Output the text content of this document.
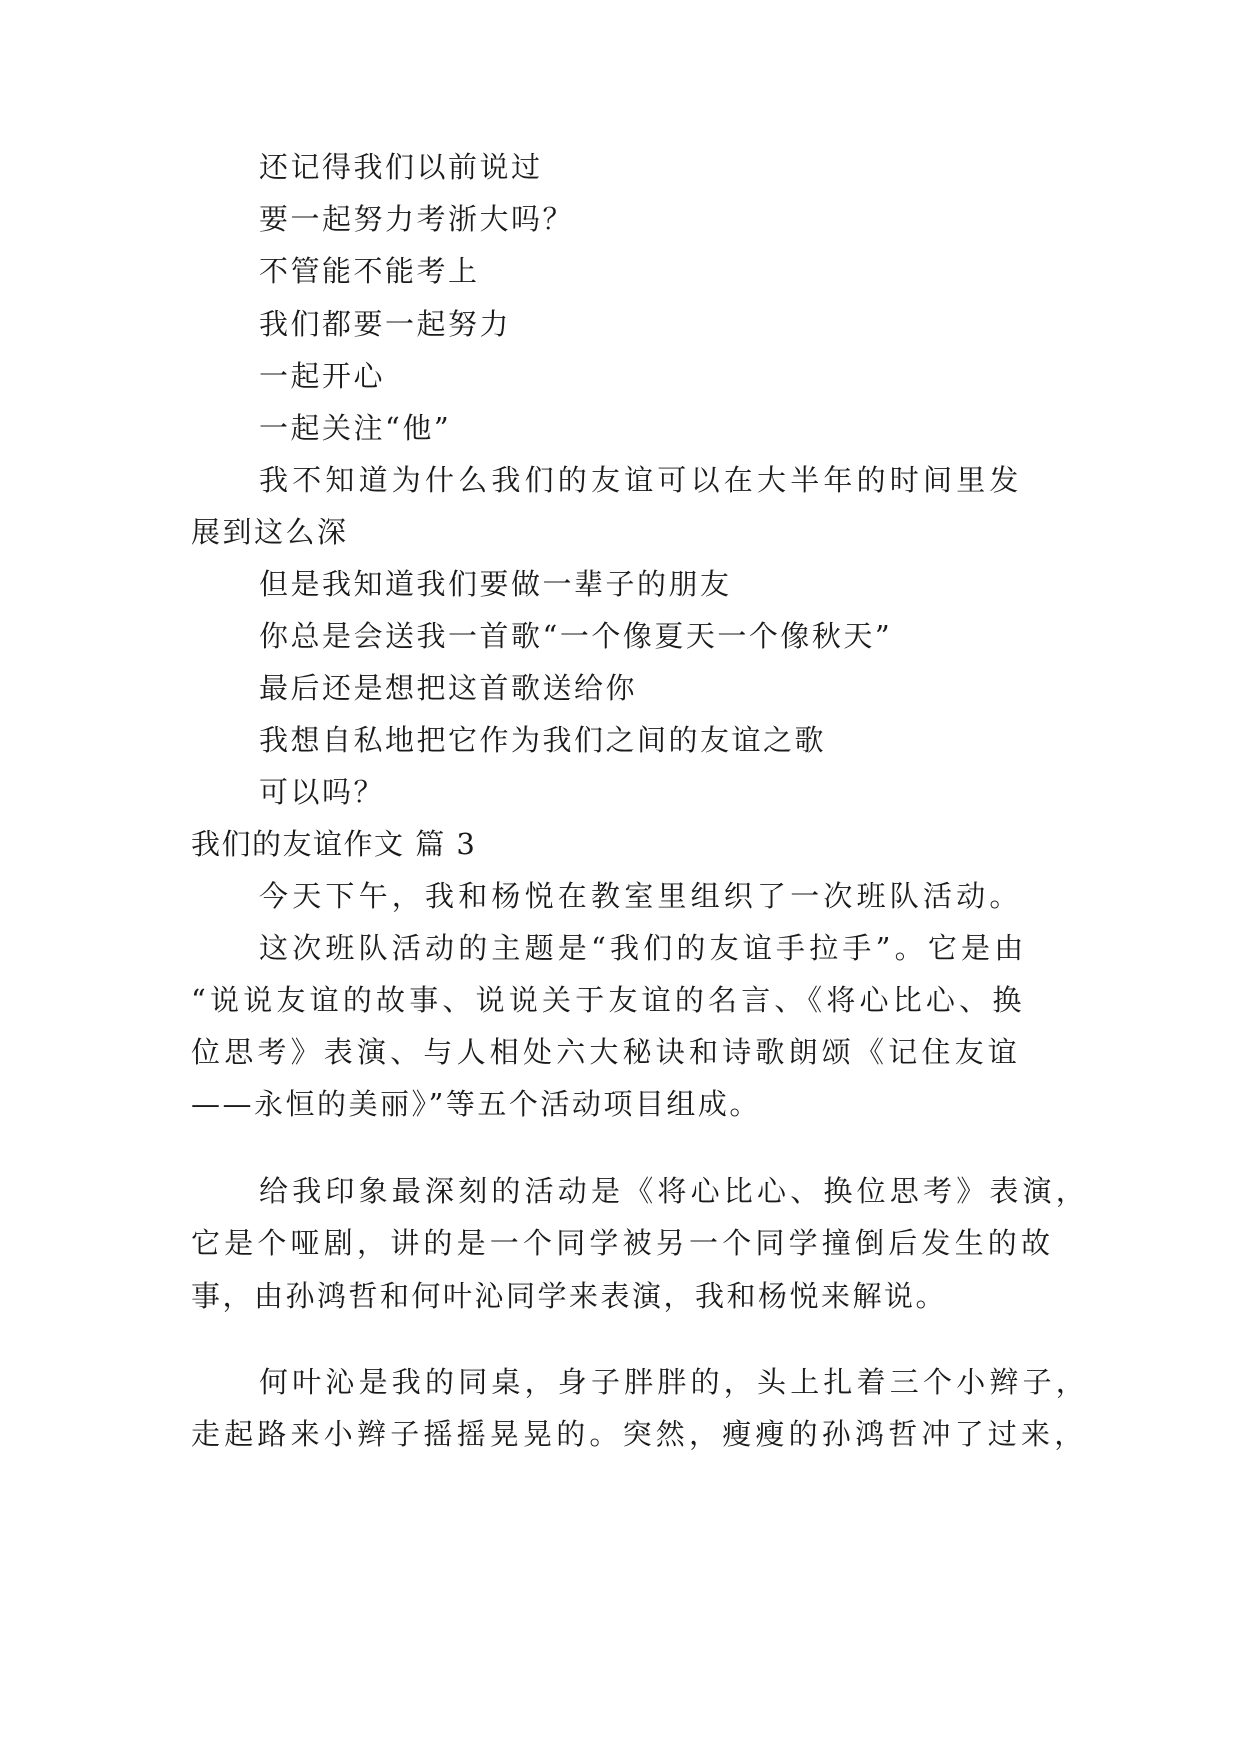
还记得我们以前说过
要一起努力考浙大吗？
不管能不能考上
我们都要一起努力
一起开心
一起关注“他”
我不知道为什么我们的友谊可以在大半年的时间里发
展到这么深
但是我知道我们要做一辈子的朋友
你总是会送我一首歌“一个像夏天一个像秋天”
最后还是想把这首歌送给你
我想自私地把它作为我们之间的友谊之歌
可以吗？
我们的友谊作文 篇 3
今天下午，我和杨悦在教室里组织了一次班队活动。
这次班队活动的主题是“我们的友谊手拉手”。它是由
“说说友谊的故事、说说关于友谊的名言、《将心比心、换
位思考》表演、与人相处六大秘诀和诗歌朗颂《记住友谊
——永恒的美丽》”等五个活动项目组成。
给我印象最深刻的活动是《将心比心、换位思考》表演，
它是个哑剧，讲的是一个同学被另一个同学撞倒后发生的故
事，由孙鸿哲和何叶沁同学来表演，我和杨悦来解说。
何叶沁是我的同桌，身子胖胖的，头上扎着三个小辫子，
走起路来小辫子摇摇晃晃的。突然，瘦瘦的孙鸿哲冲了过来，
